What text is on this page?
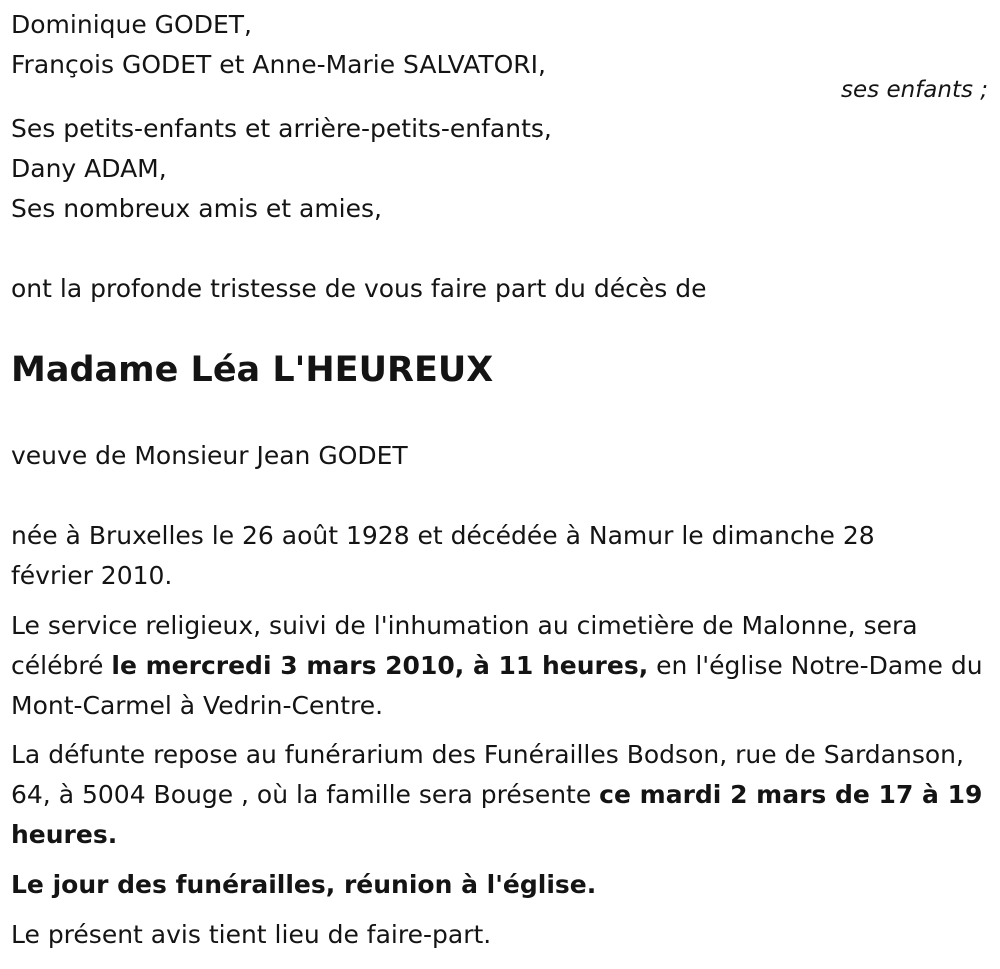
Dominique GODET,
François GODET et Anne-Marie SALVATORI,
ses enfants ;
Ses petits-enfants et arrière-petits-enfants,
Dany ADAM,
Ses nombreux amis et amies,
ont la profonde tristesse de vous faire part du décès de
Madame Léa L'HEUREUX
veuve de Monsieur Jean GODET
née à Bruxelles le 26 août 1928 et décédée à Namur le dimanche 28
février 2010.
Le service religieux, suivi de l'inhumation au cimetière de Malonne, sera célébré le mercredi 3 mars 2010, à 11 heures, en l'église Notre-Dame du Mont-Carmel à Vedrin-Centre.
La défunte repose au funérarium des Funérailles Bodson, rue de Sardanson, 64, à 5004 Bouge , où la famille sera présente ce mardi 2 mars de 17 à 19 heures.
Le jour des funérailles, réunion à l'église.
Le présent avis tient lieu de faire-part.
